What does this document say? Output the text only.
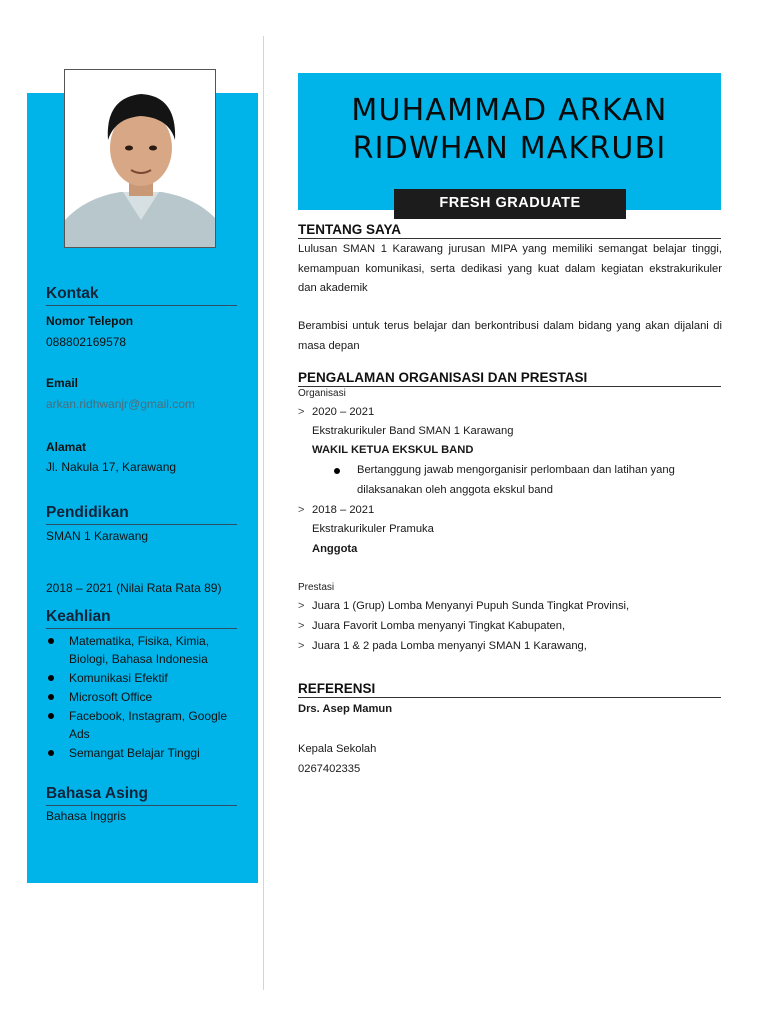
Kontak
Nomor Telepon
088802169578
Email
arkan.ridhwanjr@gmail.com
Alamat
Jl. Nakula 17, Karawang
Pendidikan
SMAN 1 Karawang
2018 – 2021 (Nilai Rata Rata 89)
Keahlian
Matematika, Fisika, Kimia, Biologi, Bahasa Indonesia
Komunikasi Efektif
Microsoft Office
Facebook, Instagram, Google Ads
Semangat Belajar Tinggi
Bahasa Asing
Bahasa Inggris
MUHAMMAD ARKAN
RIDWHAN MAKRUBI
FRESH GRADUATE
TENTANG SAYA
Lulusan SMAN 1 Karawang jurusan MIPA yang memiliki semangat belajar tinggi, kemampuan komunikasi, serta dedikasi yang kuat dalam kegiatan ekstrakurikuler dan akademik
Berambisi untuk terus belajar dan berkontribusi dalam bidang yang akan dijalani di masa depan
PENGALAMAN ORGANISASI DAN PRESTASI
Organisasi
> 2020 – 2021
Ekstrakurikuler Band SMAN 1 Karawang
WAKIL KETUA EKSKUL BAND
Bertanggung jawab mengorganisir perlombaan dan latihan yang
dilaksanakan oleh anggota ekskul band
> 2018 – 2021
Ekstrakurikuler Pramuka
Anggota
Prestasi
> Juara 1 (Grup) Lomba Menyanyi Pupuh Sunda Tingkat Provinsi,
> Juara Favorit Lomba menyanyi Tingkat Kabupaten,
> Juara 1 & 2 pada Lomba menyanyi SMAN 1 Karawang,
REFERENSI
Drs. Asep Mamun
Kepala Sekolah
0267402335
